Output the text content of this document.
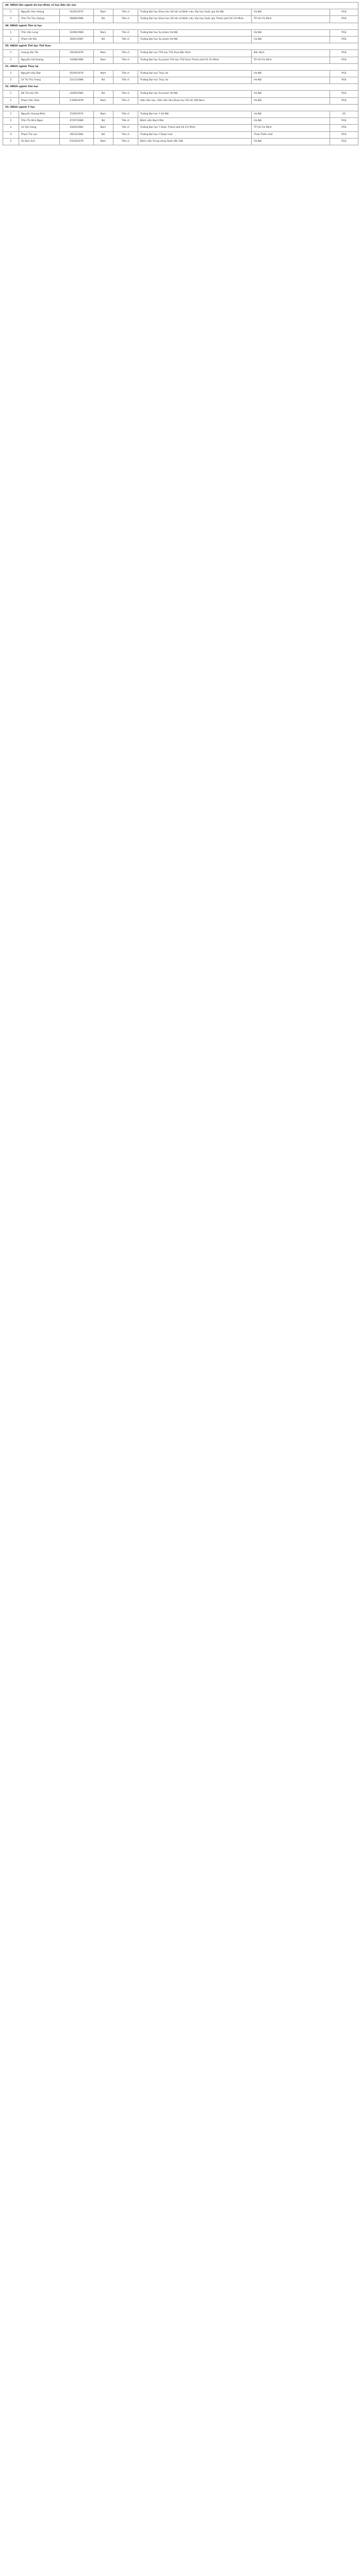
48. HĐGS liên ngành Sử học-Khảo cổ học-Dân tộc học							
1	Nguyễn Văn Hoàng	01/01/1975	Nam	Tiến sĩ	Trường Đại học Khoa học Xã hội và Nhân văn, Đại học Quốc gia Hà Nội	Hà Nội	PGS
2	Trần Thị Thu Hương	08/09/1986	Nữ	Tiến sĩ	Trường Đại học Khoa học Xã hội và Nhân văn, Đại học Quốc gia Thành phố Hồ Chí Minh	TP Hồ Chí Minh	PGS
49. HĐGS ngành Tâm lý học							
1	Trần Văn Long	02/06/1980	Nam	Tiến sĩ	Trường Đại học Sư phạm Hà Nội	Hà Nội	PGS
2	Phạm Hà Vân	30/01/1987	Nữ	Tiến sĩ	Trường Đại học Sư phạm Hà Nội	Hà Nội	PGS
50. HĐGS ngành Thể dục Thể thao							
1	Hoàng Văn Tài	29/10/1976	Nam	Tiến sĩ	Trường Đại học Thể dục Thể thao Bắc Ninh	Bắc Ninh	PGS
2	Nguyễn Hải Dương	10/08/1985	Nam	Tiến sĩ	Trường Đại học Sư phạm Thể dục Thể thao Thành phố Hồ Chí Minh	TP Hồ Chí Minh	PGS
51. HĐGS ngành Thủy lợi							
1	Nguyễn Văn Đạt	05/04/1979	Nam	Tiến sĩ	Trường Đại học Thủy lợi	Hà Nội	PGS
2	Lê Thị Thu Trang	22/11/1986	Nữ	Tiến sĩ	Trường Đại học Thủy lợi	Hà Nội	PGS
52. HĐGS ngành Văn học							
1	Đỗ Thị Hải Yến	24/05/1982	Nữ	Tiến sĩ	Trường Đại học Sư phạm Hà Nội	Hà Nội	PGS
2	Phạm Văn Tuấn	13/09/1978	Nam	Tiến sĩ	Viện Văn học, Viện Hàn lâm Khoa học Xã hội Việt Nam	Hà Nội	PGS
53. HĐGS ngành Y học							
1	Nguyễn Quang Minh	15/02/1974	Nam	Tiến sĩ	Trường Đại học Y Hà Nội	Hà Nội	GS
2	Trần Thị Bích Ngọc	07/07/1980	Nữ	Tiến sĩ	Bệnh viện Bạch Mai	Hà Nội	PGS
3	Lê Văn Hùng	19/03/1981	Nam	Tiến sĩ	Trường Đại học Y Dược Thành phố Hồ Chí Minh	TP Hồ Chí Minh	PGS
4	Phạm Thị Lan	28/12/1983	Nữ	Tiến sĩ	Trường Đại học Y Dược Huế	Thừa Thiên Huế	PGS
5	Vũ Đức Anh	03/10/1979	Nam	Tiến sĩ	Bệnh viện Trung ương Quân đội 108	Hà Nội	PGS
